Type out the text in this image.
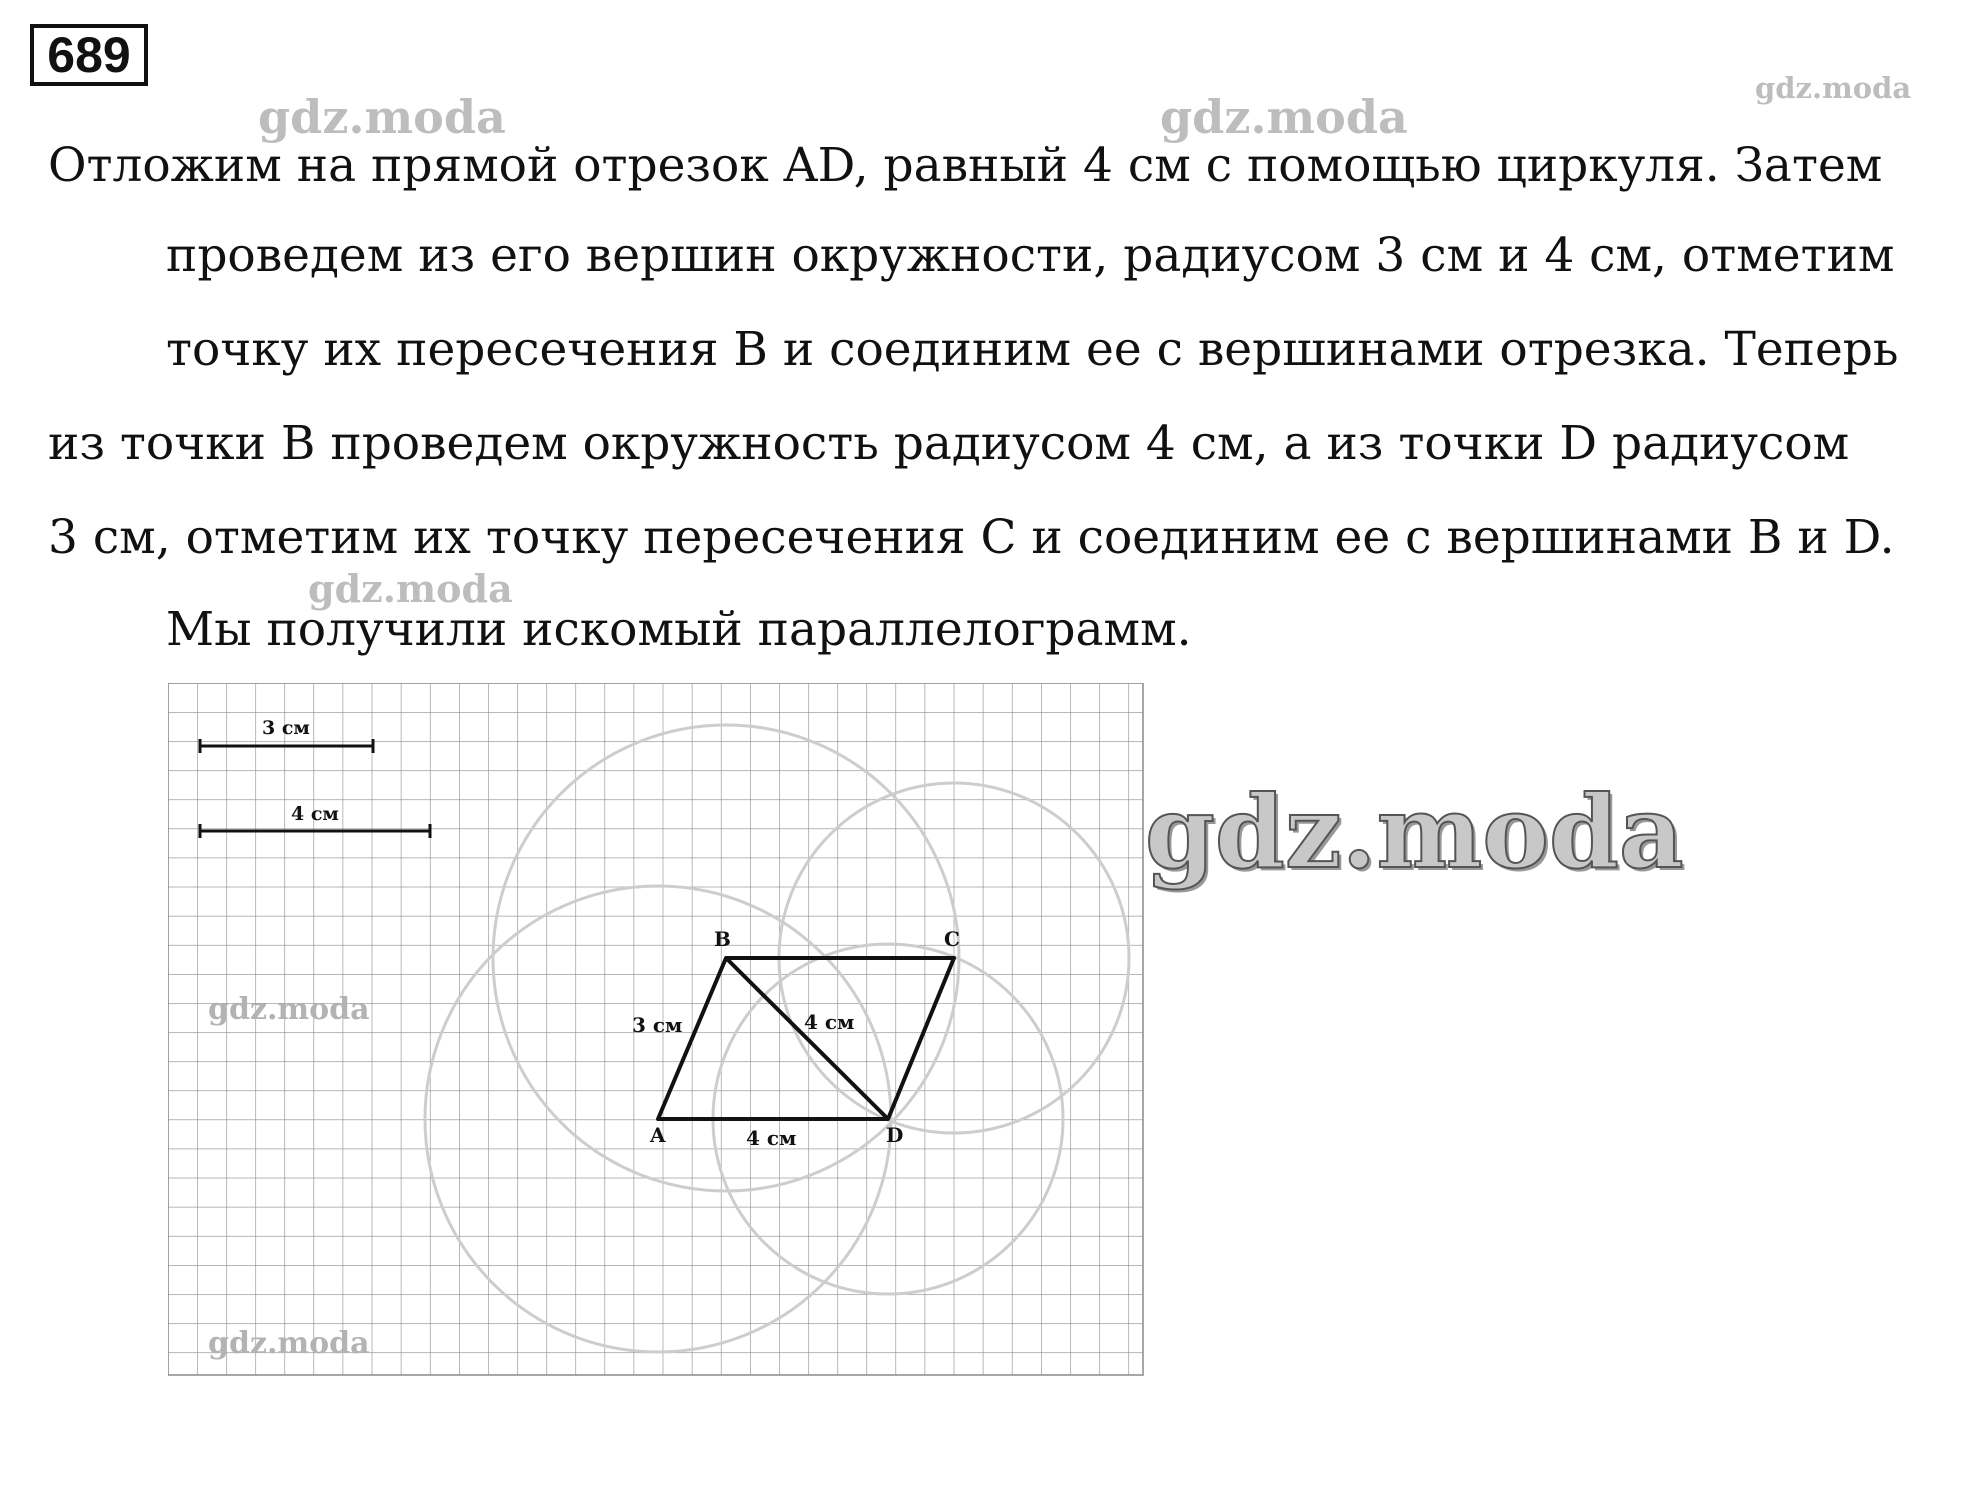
689
gdz.moda	gdz.moda
gdz.moda
gdz.moda
Отложим на прямой отрезок AD, равный 4 см с помощью циркуля. Затем
проведем из его вершин окружности, радиусом 3 см и 4 см, отметим
точку их пересечения B и соединим ее с вершинами отрезка. Теперь
из точки B проведем окружность радиусом 4 см, а из точки D радиусом
3 см, отметим их точку пересечения C и соединим ее с вершинами B и D.
Мы получили искомый параллелограмм.
3 см
4 см
A
B	C
D
3 см	4 см
4 см
gdz.moda
gdz.moda
gdz.moda
